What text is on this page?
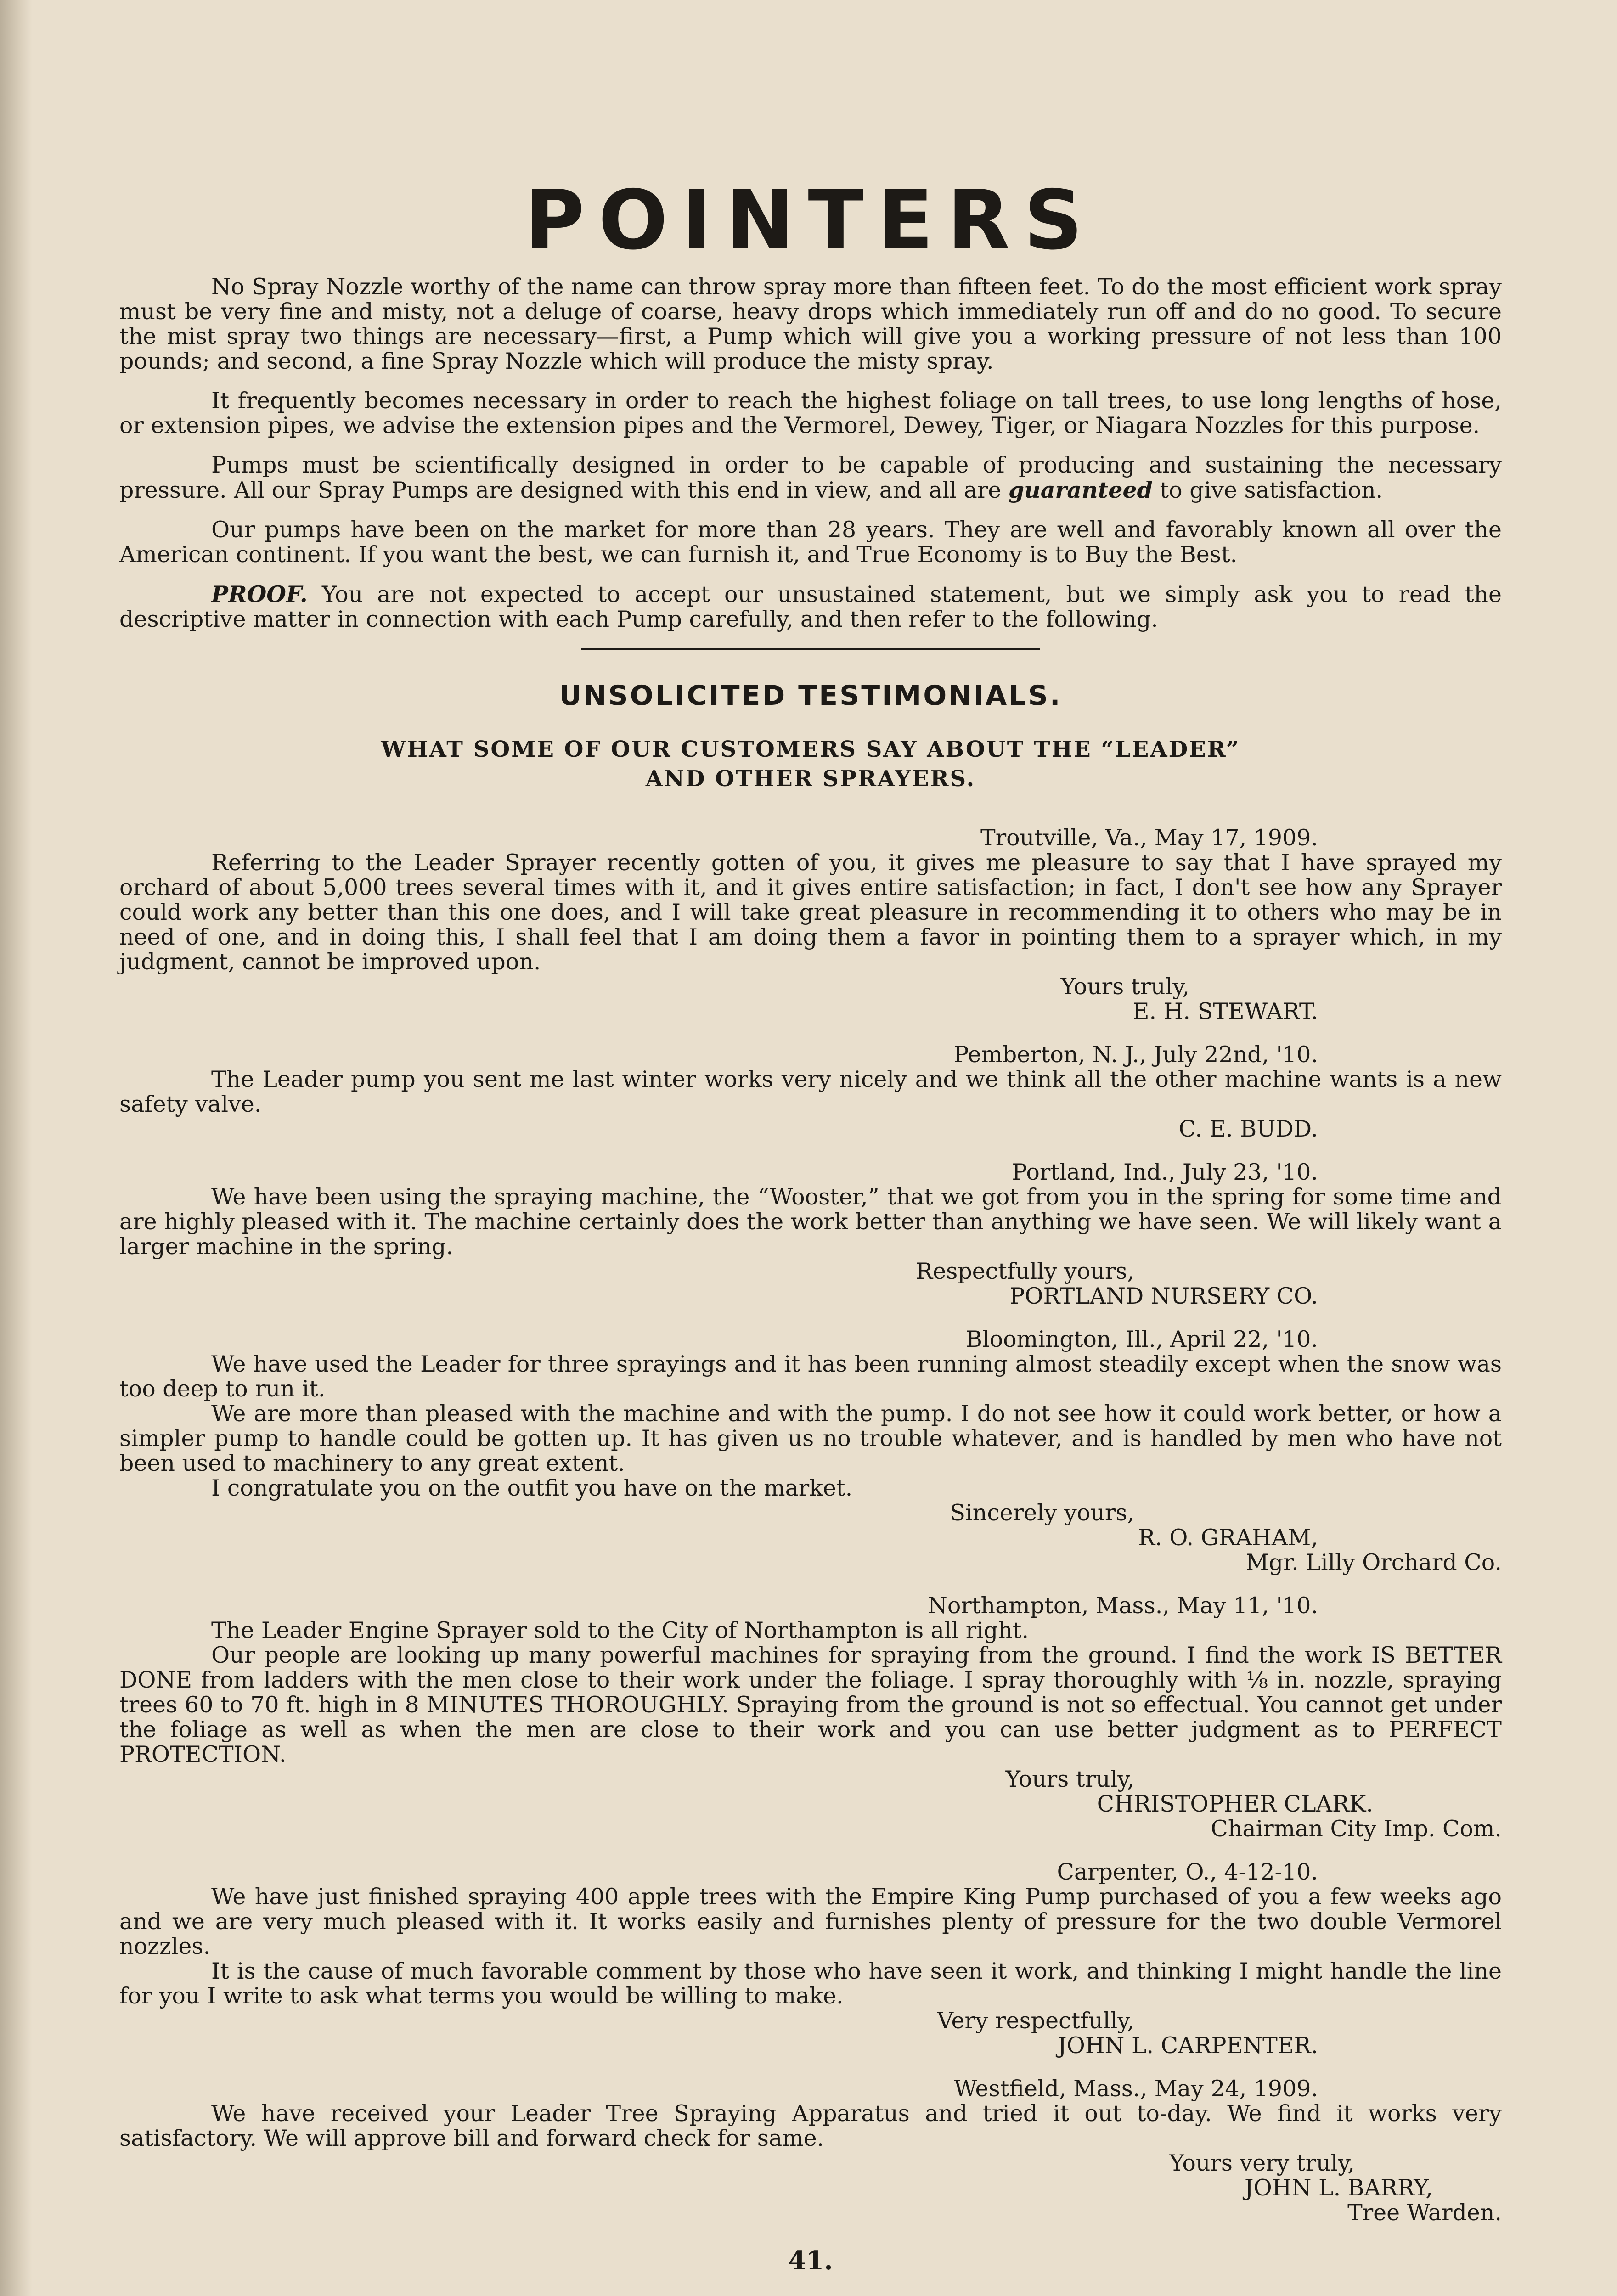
POINTERS

No Spray Nozzle worthy of the name can throw spray more than fifteen feet. To do the most efficient work spray must be very fine and misty, not a deluge of coarse, heavy drops which immediately run off and do no good. To secure the mist spray two things are necessary—first, a Pump which will give you a working pressure of not less than 100 pounds; and second, a fine Spray Nozzle which will produce the misty spray.

It frequently becomes necessary in order to reach the highest foliage on tall trees, to use long lengths of hose, or extension pipes, we advise the extension pipes and the Vermorel, Dewey, Tiger, or Niagara Nozzles for this purpose.

Pumps must be scientifically designed in order to be capable of producing and sustaining the necessary pressure. All our Spray Pumps are designed with this end in view, and all are guaranteed to give satisfaction.

Our pumps have been on the market for more than 28 years. They are well and favorably known all over the American continent. If you want the best, we can furnish it, and True Economy is to Buy the Best.

PROOF. You are not expected to accept our unsustained statement, but we simply ask you to read the descriptive matter in connection with each Pump carefully, and then refer to the following.

UNSOLICITED TESTIMONIALS.
WHAT SOME OF OUR CUSTOMERS SAY ABOUT THE “LEADER”
AND OTHER SPRAYERS.
Troutville, Va., May 17, 1909.

Referring to the Leader Sprayer recently gotten of you, it gives me pleasure to say that I have sprayed my orchard of about 5,000 trees several times with it, and it gives entire satisfaction; in fact, I don't see how any Sprayer could work any better than this one does, and I will take great pleasure in recommending it to others who may be in need of one, and in doing this, I shall feel that I am doing them a favor in pointing them to a sprayer which, in my judgment, cannot be improved upon.

Yours truly,
E. H. STEWART.
Pemberton, N. J., July 22nd, '10.

The Leader pump you sent me last winter works very nicely and we think all the other machine wants is a new safety valve.

C. E. BUDD.
Portland, Ind., July 23, '10.

We have been using the spraying machine, the “Wooster,” that we got from you in the spring for some time and are highly pleased with it. The machine certainly does the work better than anything we have seen. We will likely want a larger machine in the spring.

Respectfully yours,
PORTLAND NURSERY CO.
Bloomington, Ill., April 22, '10.

We have used the Leader for three sprayings and it has been running almost steadily except when the snow was too deep to run it.

We are more than pleased with the machine and with the pump. I do not see how it could work better, or how a simpler pump to handle could be gotten up. It has given us no trouble whatever, and is handled by men who have not been used to machinery to any great extent.

I congratulate you on the outfit you have on the market.

Sincerely yours,
R. O. GRAHAM,
Mgr. Lilly Orchard Co.
Northampton, Mass., May 11, '10.

The Leader Engine Sprayer sold to the City of Northampton is all right.

Our people are looking up many powerful machines for spraying from the ground. I find the work IS BETTER DONE from ladders with the men close to their work under the foliage. I spray thoroughly with ⅛ in. nozzle, spraying trees 60 to 70 ft. high in 8 MINUTES THOROUGHLY. Spraying from the ground is not so effectual. You cannot get under the foliage as well as when the men are close to their work and you can use better judgment as to PERFECT PROTECTION.

Yours truly,
CHRISTOPHER CLARK.
Chairman City Imp. Com.
Carpenter, O., 4-12-10.

We have just finished spraying 400 apple trees with the Empire King Pump purchased of you a few weeks ago and we are very much pleased with it. It works easily and furnishes plenty of pressure for the two double Vermorel nozzles.

It is the cause of much favorable comment by those who have seen it work, and thinking I might handle the line for you I write to ask what terms you would be willing to make.

Very respectfully,
JOHN L. CARPENTER.
Westfield, Mass., May 24, 1909.

We have received your Leader Tree Spraying Apparatus and tried it out to-day. We find it works very satisfactory. We will approve bill and forward check for same.

Yours very truly,
JOHN L. BARRY,
Tree Warden.
41.
